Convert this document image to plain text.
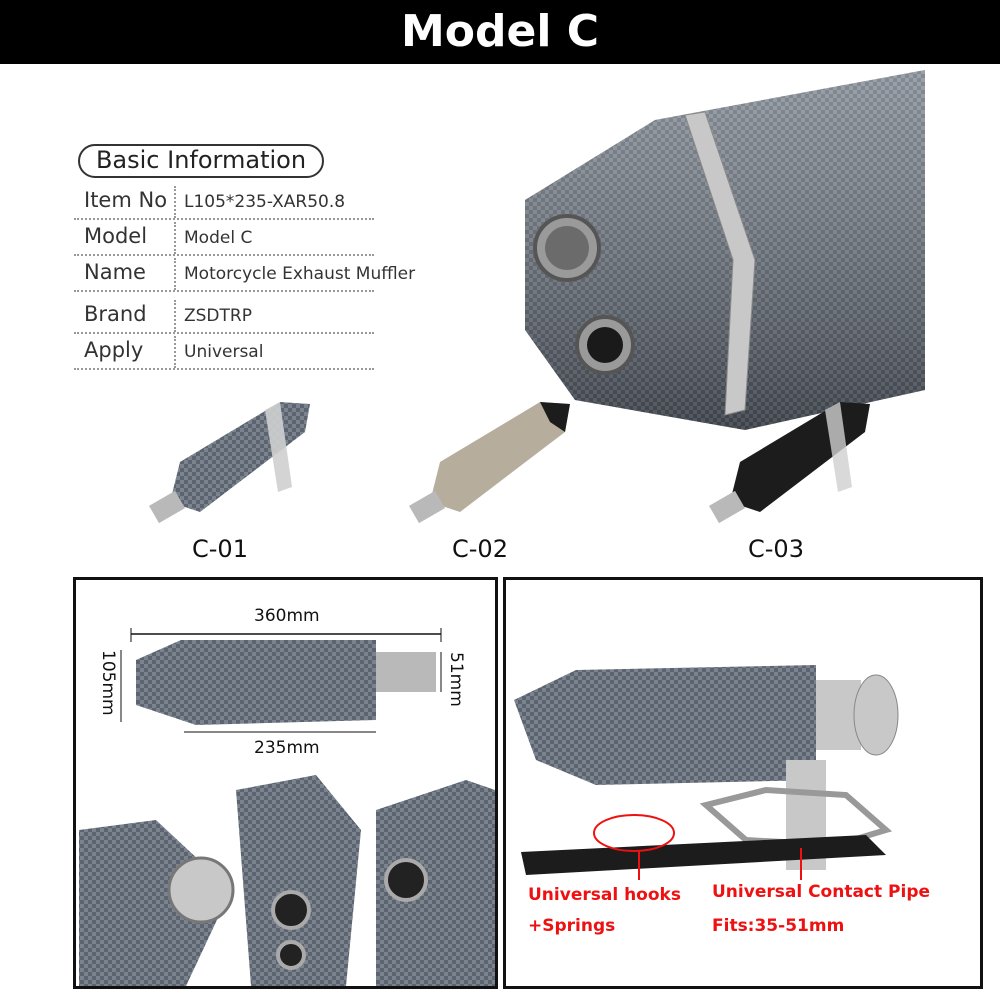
Model C
Basic Information
Item No L105*235-XAR50.8
Model	Model C
Name	Motorcycle Exhaust Muffler
Brand	ZSDTRP
Apply	Universal
C-01	C-02	C-03
360mm
105mm
235mm
51mm
Universal hooks
+Springs
Universal Contact Pipe
Fits:35-51mm
